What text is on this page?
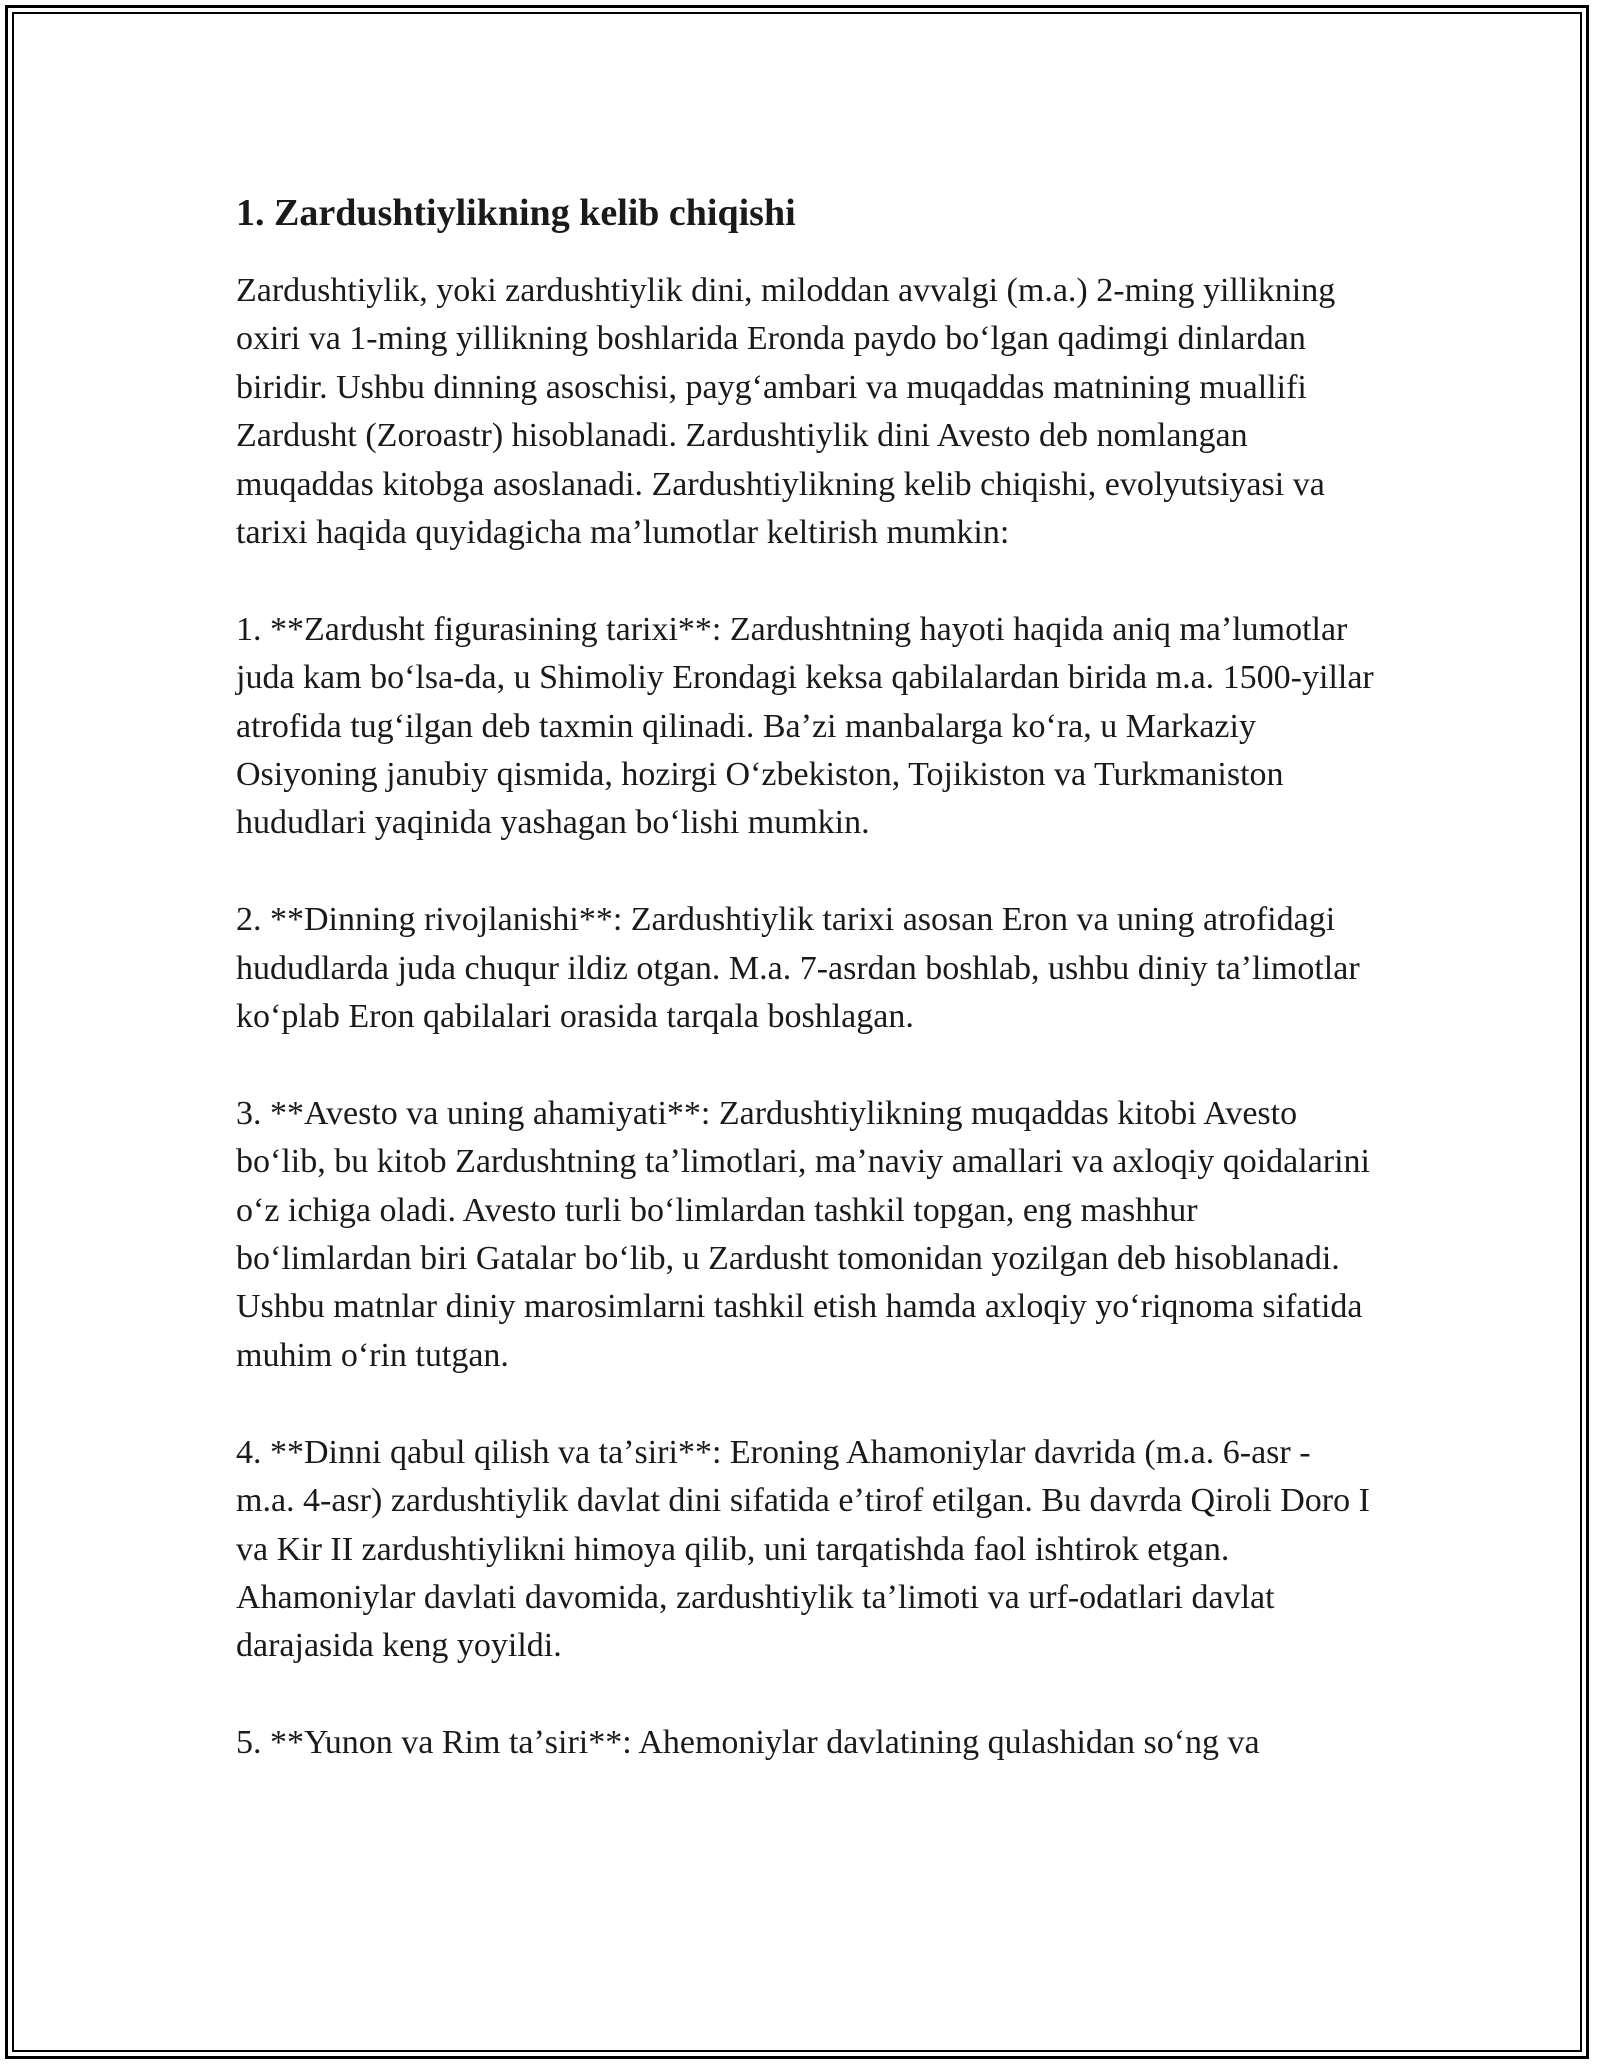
1. Zardushtiylikning kelib chiqishi

Zardushtiylik, yoki zardushtiylik dini, miloddan avvalgi (m.a.) 2-ming yillikning oxiri va 1-ming yillikning boshlarida Eronda paydo boʻlgan qadimgi dinlardan biridir. Ushbu dinning asoschisi, paygʻambari va muqaddas matnining muallifi Zardusht (Zoroastr) hisoblanadi. Zardushtiylik dini Avesto deb nomlangan muqaddas kitobga asoslanadi. Zardushtiylikning kelib chiqishi, evolyutsiyasi va tarixi haqida quyidagicha maʼlumotlar keltirish mumkin:

1. **Zardusht figurasining tarixi**: Zardushtning hayoti haqida aniq maʼlumotlar juda kam boʻlsa-da, u Shimoliy Erondagi keksa qabilalardan birida m.a. 1500-yillar atrofida tugʻilgan deb taxmin qilinadi. Baʼzi manbalarga koʻra, u Markaziy Osiyoning janubiy qismida, hozirgi Oʻzbekiston, Tojikiston va Turkmaniston hududlari yaqinida yashagan boʻlishi mumkin.

2. **Dinning rivojlanishi**: Zardushtiylik tarixi asosan Eron va uning atrofidagi hududlarda juda chuqur ildiz otgan. M.a. 7-asrdan boshlab, ushbu diniy taʼlimotlar koʻplab Eron qabilalari orasida tarqala boshlagan.

3. **Avesto va uning ahamiyati**: Zardushtiylikning muqaddas kitobi Avesto boʻlib, bu kitob Zardushtning taʼlimotlari, maʼnaviy amallari va axloqiy qoidalarini oʻz ichiga oladi. Avesto turli boʻlimlardan tashkil topgan, eng mashhur boʻlimlardan biri Gatalar boʻlib, u Zardusht tomonidan yozilgan deb hisoblanadi. Ushbu matnlar diniy marosimlarni tashkil etish hamda axloqiy yoʻriqnoma sifatida muhim oʻrin tutgan.

4. **Dinni qabul qilish va taʼsiri**: Eroning Ahamoniylar davrida (m.a. 6-asr - m.a. 4-asr) zardushtiylik davlat dini sifatida eʼtirof etilgan. Bu davrda Qiroli Doro I va Kir II zardushtiylikni himoya qilib, uni tarqatishda faol ishtirok etgan. Ahamoniylar davlati davomida, zardushtiylik taʼlimoti va urf-odatlari davlat darajasida keng yoyildi.

5. **Yunon va Rim taʼsiri**: Ahemoniylar davlatining qulashidan soʻng va
